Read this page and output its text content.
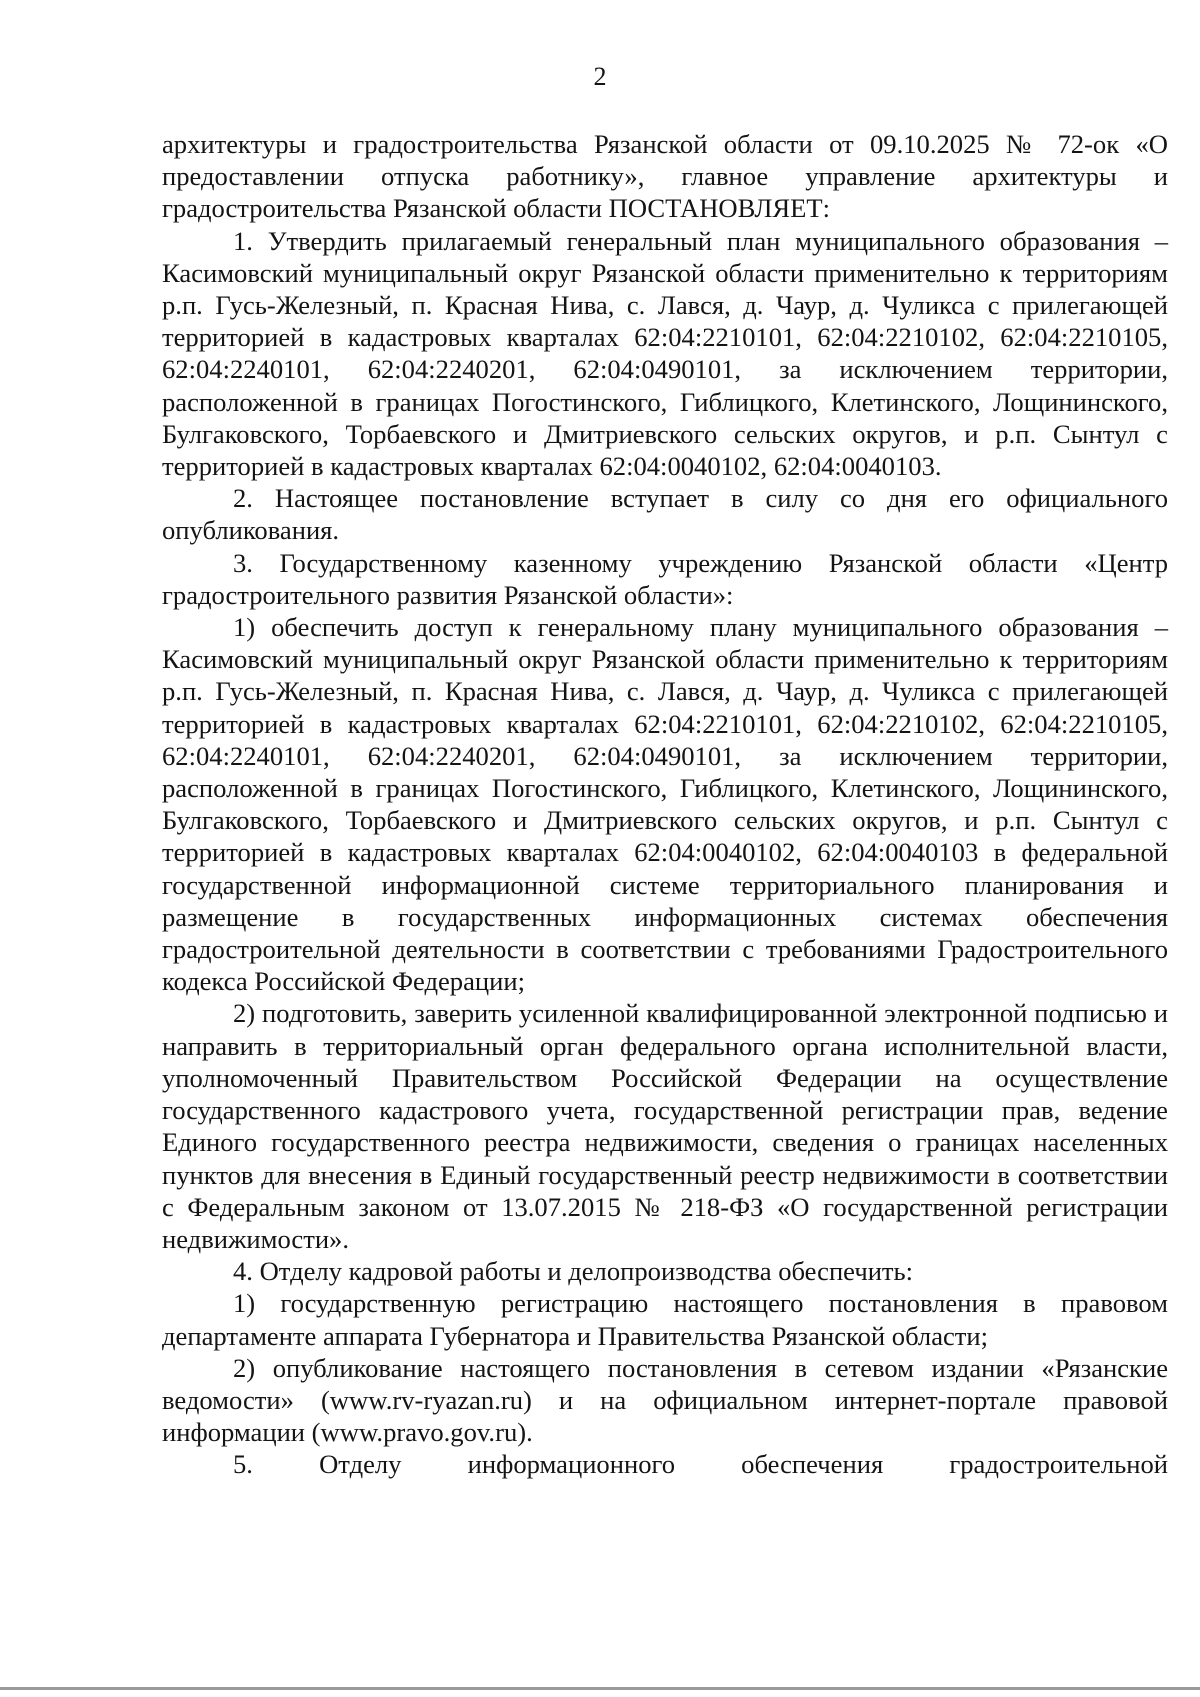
2

архитектуры и градостроительства Рязанской области от 09.10.2025 № 72-ок «О предоставлении отпуска работнику», главное управление архитектуры и градостроительства Рязанской области ПОСТАНОВЛЯЕТ:

1. Утвердить прилагаемый генеральный план муниципального образования – Касимовский муниципальный округ Рязанской области применительно к территориям р.п. Гусь-Железный, п. Красная Нива, с. Лався, д. Чаур, д. Чуликса с прилегающей территорией в кадастровых кварталах 62:04:2210101, 62:04:2210102, 62:04:2210105, 62:04:2240101, 62:04:2240201, 62:04:0490101, за исключением территории, расположенной в границах Погостинского, Гиблицкого, Клетинского, Лощининского, Булгаковского, Торбаевского и Дмитриевского сельских округов, и р.п. Сынтул с территорией в кадастровых кварталах 62:04:0040102, 62:04:0040103.

2. Настоящее постановление вступает в силу со дня его официального опубликования.

3. Государственному казенному учреждению Рязанской области «Центр градостроительного развития Рязанской области»:

1) обеспечить доступ к генеральному плану муниципального образования – Касимовский муниципальный округ Рязанской области применительно к территориям р.п. Гусь-Железный, п. Красная Нива, с. Лався, д. Чаур, д. Чуликса с прилегающей территорией в кадастровых кварталах 62:04:2210101, 62:04:2210102, 62:04:2210105, 62:04:2240101, 62:04:2240201, 62:04:0490101, за исключением территории, расположенной в границах Погостинского, Гиблицкого, Клетинского, Лощининского, Булгаковского, Торбаевского и Дмитриевского сельских округов, и р.п. Сынтул с территорией в кадастровых кварталах 62:04:0040102, 62:04:0040103 в федеральной государственной информационной системе территориального планирования и размещение в государственных информационных системах обеспечения градостроительной деятельности в соответствии с требованиями Градостроительного кодекса Российской Федерации;

2) подготовить, заверить усиленной квалифицированной электронной подписью и направить в территориальный орган федерального органа исполнительной власти, уполномоченный Правительством Российской Федерации на осуществление государственного кадастрового учета, государственной регистрации прав, ведение Единого государственного реестра недвижимости, сведения о границах населенных пунктов для внесения в Единый государственный реестр недвижимости в соответствии с Федеральным законом от 13.07.2015 № 218-ФЗ «О государственной регистрации недвижимости».

4. Отделу кадровой работы и делопроизводства обеспечить:

1) государственную регистрацию настоящего постановления в правовом департаменте аппарата Губернатора и Правительства Рязанской области;

2) опубликование настоящего постановления в сетевом издании «Рязанские ведомости» (www.rv-ryazan.ru) и на официальном интернет-портале правовой информации (www.pravo.gov.ru).

5. Отделу информационного обеспечения градостроительной
